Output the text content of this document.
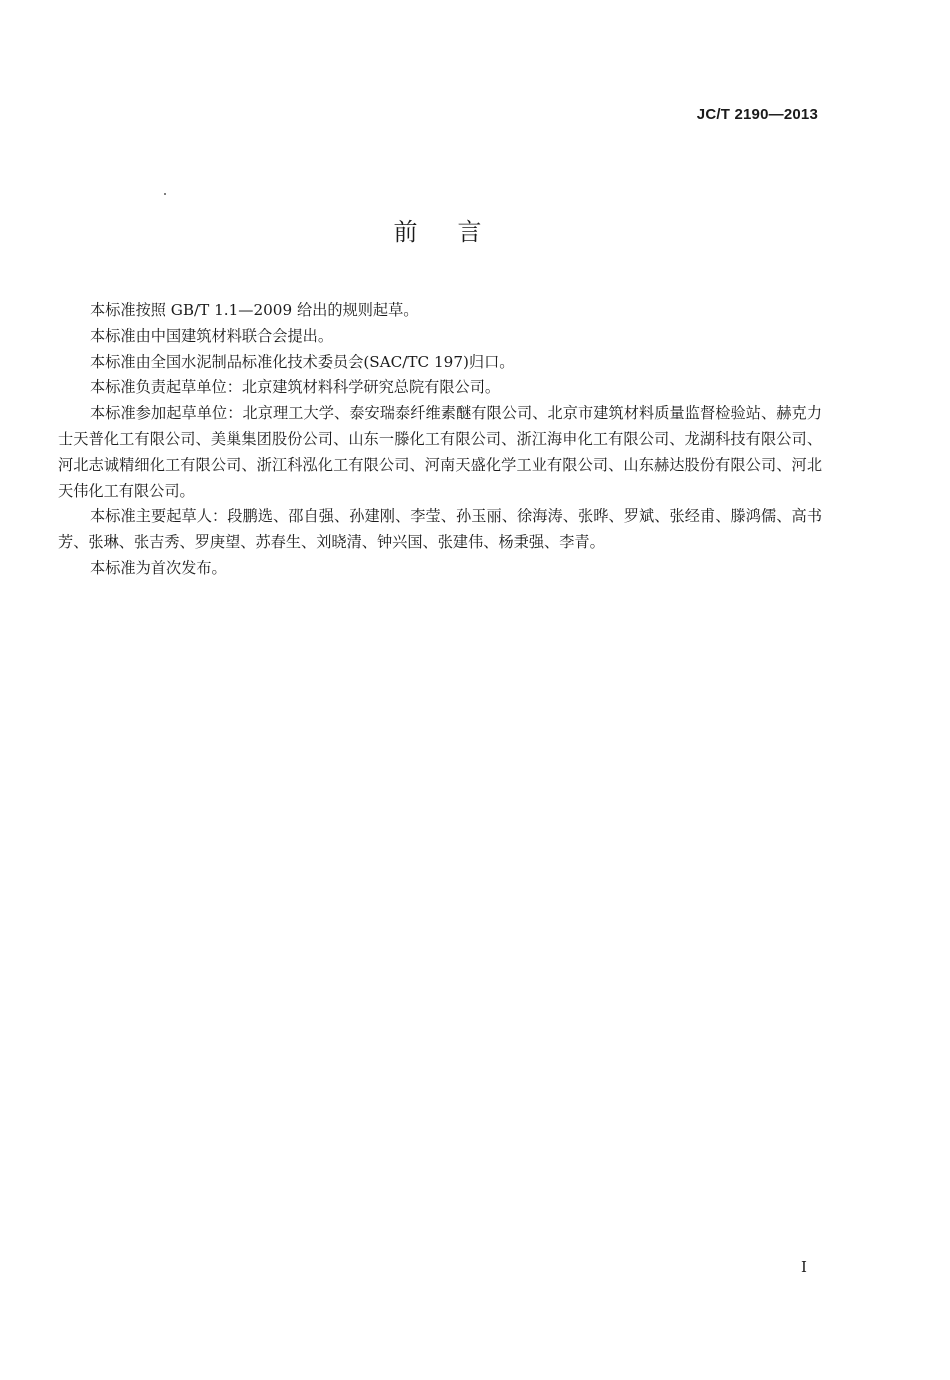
JC/T 2190—2013
前言

本标准按照 GB/T 1.1—2009 给出的规则起草。

本标准由中国建筑材料联合会提出。

本标准由全国水泥制品标准化技术委员会(SAC/TC 197)归口。

本标准负责起草单位：北京建筑材料科学研究总院有限公司。

本标准参加起草单位：北京理工大学、泰安瑞泰纤维素醚有限公司、北京市建筑材料质量监督检验站、赫克力士天普化工有限公司、美巢集团股份公司、山东一滕化工有限公司、浙江海申化工有限公司、龙湖科技有限公司、河北志诚精细化工有限公司、浙江科泓化工有限公司、河南天盛化学工业有限公司、山东赫达股份有限公司、河北天伟化工有限公司。

本标准主要起草人：段鹏选、邵自强、孙建刚、李莹、孙玉丽、徐海涛、张晔、罗斌、张经甫、滕鸿儒、高书芳、张琳、张吉秀、罗庚望、苏春生、刘晓清、钟兴国、张建伟、杨秉强、李青。

本标准为首次发布。

I
